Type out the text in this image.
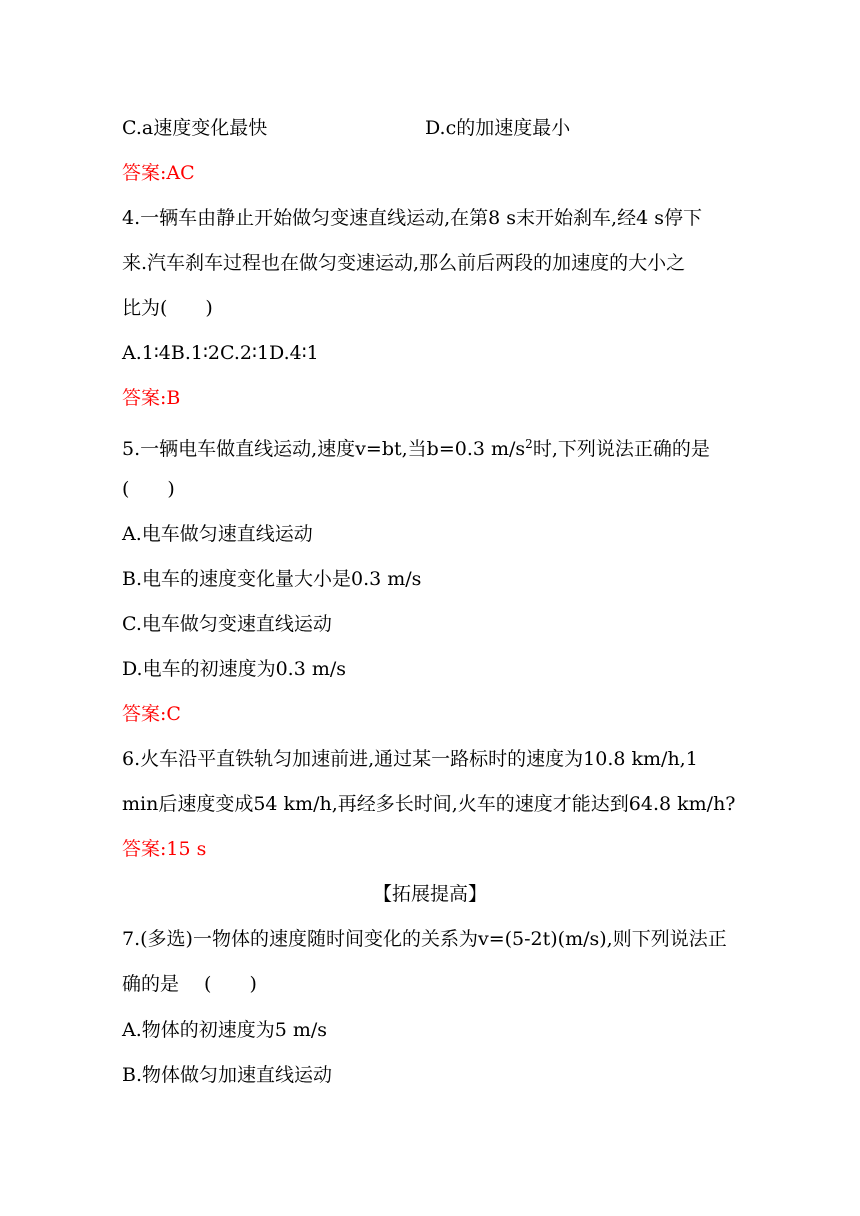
C.a速度变化最快	D.c的加速度最小
答案:AC
4.一辆车由静止开始做匀变速直线运动,在第8 s末开始刹车,经4 s停下
来.汽车刹车过程也在做匀变速运动,那么前后两段的加速度的大小之
比为(　　)
A.1∶4B.1∶2C.2∶1D.4∶1
答案:B
5.一辆电车做直线运动,速度v=bt,当b=0.3 $m/s^2$时,下列说法正确的是
(　　)
A.电车做匀速直线运动
B.电车的速度变化量大小是0.3 m/s
C.电车做匀变速直线运动
D.电车的初速度为0.3 m/s
答案:C
6.火车沿平直铁轨匀加速前进,通过某一路标时的速度为10.8 km/h,1
min后速度变成54 km/h,再经多长时间,火车的速度才能达到64.8 km/h?
答案:15 s
【拓展提高】
7.(多选)一物体的速度随时间变化的关系为v=(5-2t)(m/s),则下列说法正
确的是　 (　　)
A.物体的初速度为5 m/s
B.物体做匀加速直线运动
